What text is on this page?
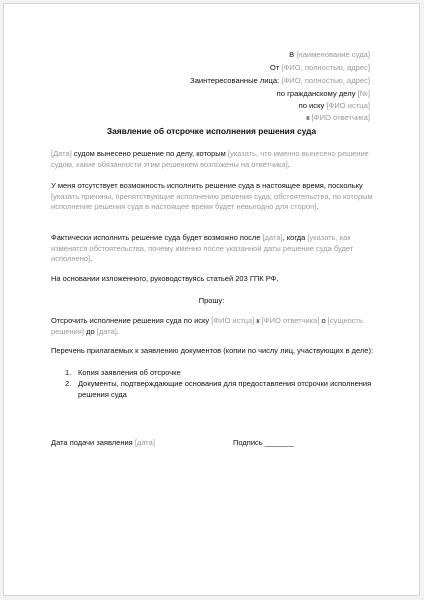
В [наименование суда]
От [ФИО, полностью, адрес]
Заинтересованные лица: [ФИО, полностью, адрес]
по гражданскому делу [№]
по иску [ФИО истца]
к [ФИО ответчика]
Заявление об отсрочке исполнения решения суда
[Дата] судом вынесено решение по делу, которым [указать, что именно вынесено решение судом, какие обязанности этим решением возложены на ответчика].
У меня отсутствует возможность исполнить решение суда в настоящее время, поскольку [указать причины, препятствующие исполнению решения суда; обстоятельства, по которым исполнение решения суда в настоящее время будет невыгодно для сторон].
Фактически исполнить решение суда будет возможно после [дата], когда [указать, как изменятся обстоятельства, почему именно после указанной даты решение суда будет исполнено].
На основании изложенного, руководствуясь статьей 203 ГПК РФ,
Прошу:
Отсрочить исполнение решения суда по иску [ФИО истца] к [ФИО ответчика] о [сущность решения] до [дата].
Перечень прилагаемых к заявлению документов (копии по числу лиц, участвующих в деле):
1. Копия заявления об отсрочке
2. Документы, подтверждающие основания для предоставления отсрочки исполнения решения суда
Дата подачи заявления [дата]	Подпись _______
